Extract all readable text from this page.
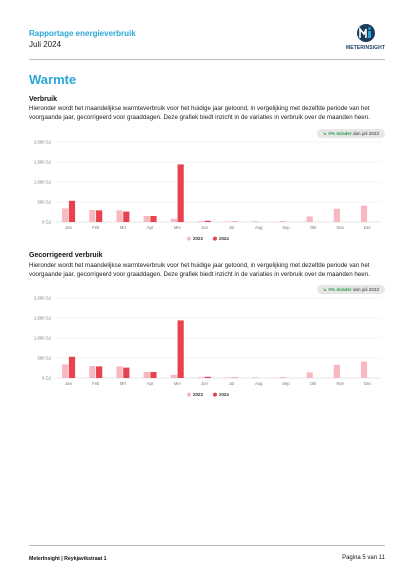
Rapportage energieverbruik
Juli 2024	METERINSIGHT
Warmte
Verbruik
Hieronder wordt het maandelijkse warmteverbruik voor het huidige jaar getoond, in vergelijking met dezelfde periode van het voorgaande jaar, gecorrigeerd voor graaddagen. Deze grafiek biedt inzicht in de variaties in verbruik over de maanden heen.
↘ 0% minder dan juli 2023
0 GJ
500 GJ
1.000 GJ
1.500 GJ
2.000 GJ
Jan	Feb	Mrt	Apr	Mei	Jun	Jul	Aug	Sep	Okt	Nov	Dec
2023	2024
Gecorrigeerd verbruik
Hieronder wordt het maandelijkse warmteverbruik voor het huidige jaar getoond, in vergelijking met dezelfde periode van het voorgaande jaar, gecorrigeerd voor graaddagen. Deze grafiek biedt inzicht in de variaties in verbruik over de maanden heen.
↘ 0% minder dan juli 2023
0 GJ
500 GJ
1.000 GJ
1.500 GJ
2.000 GJ
Jan	Feb	Mrt	Apr	Mei	Jun	Jul	Aug	Sep	Okt	Nov	Dec
2023	2024
MeterInsight | Reykjavikstraat 1	Pagina 5 van 11
